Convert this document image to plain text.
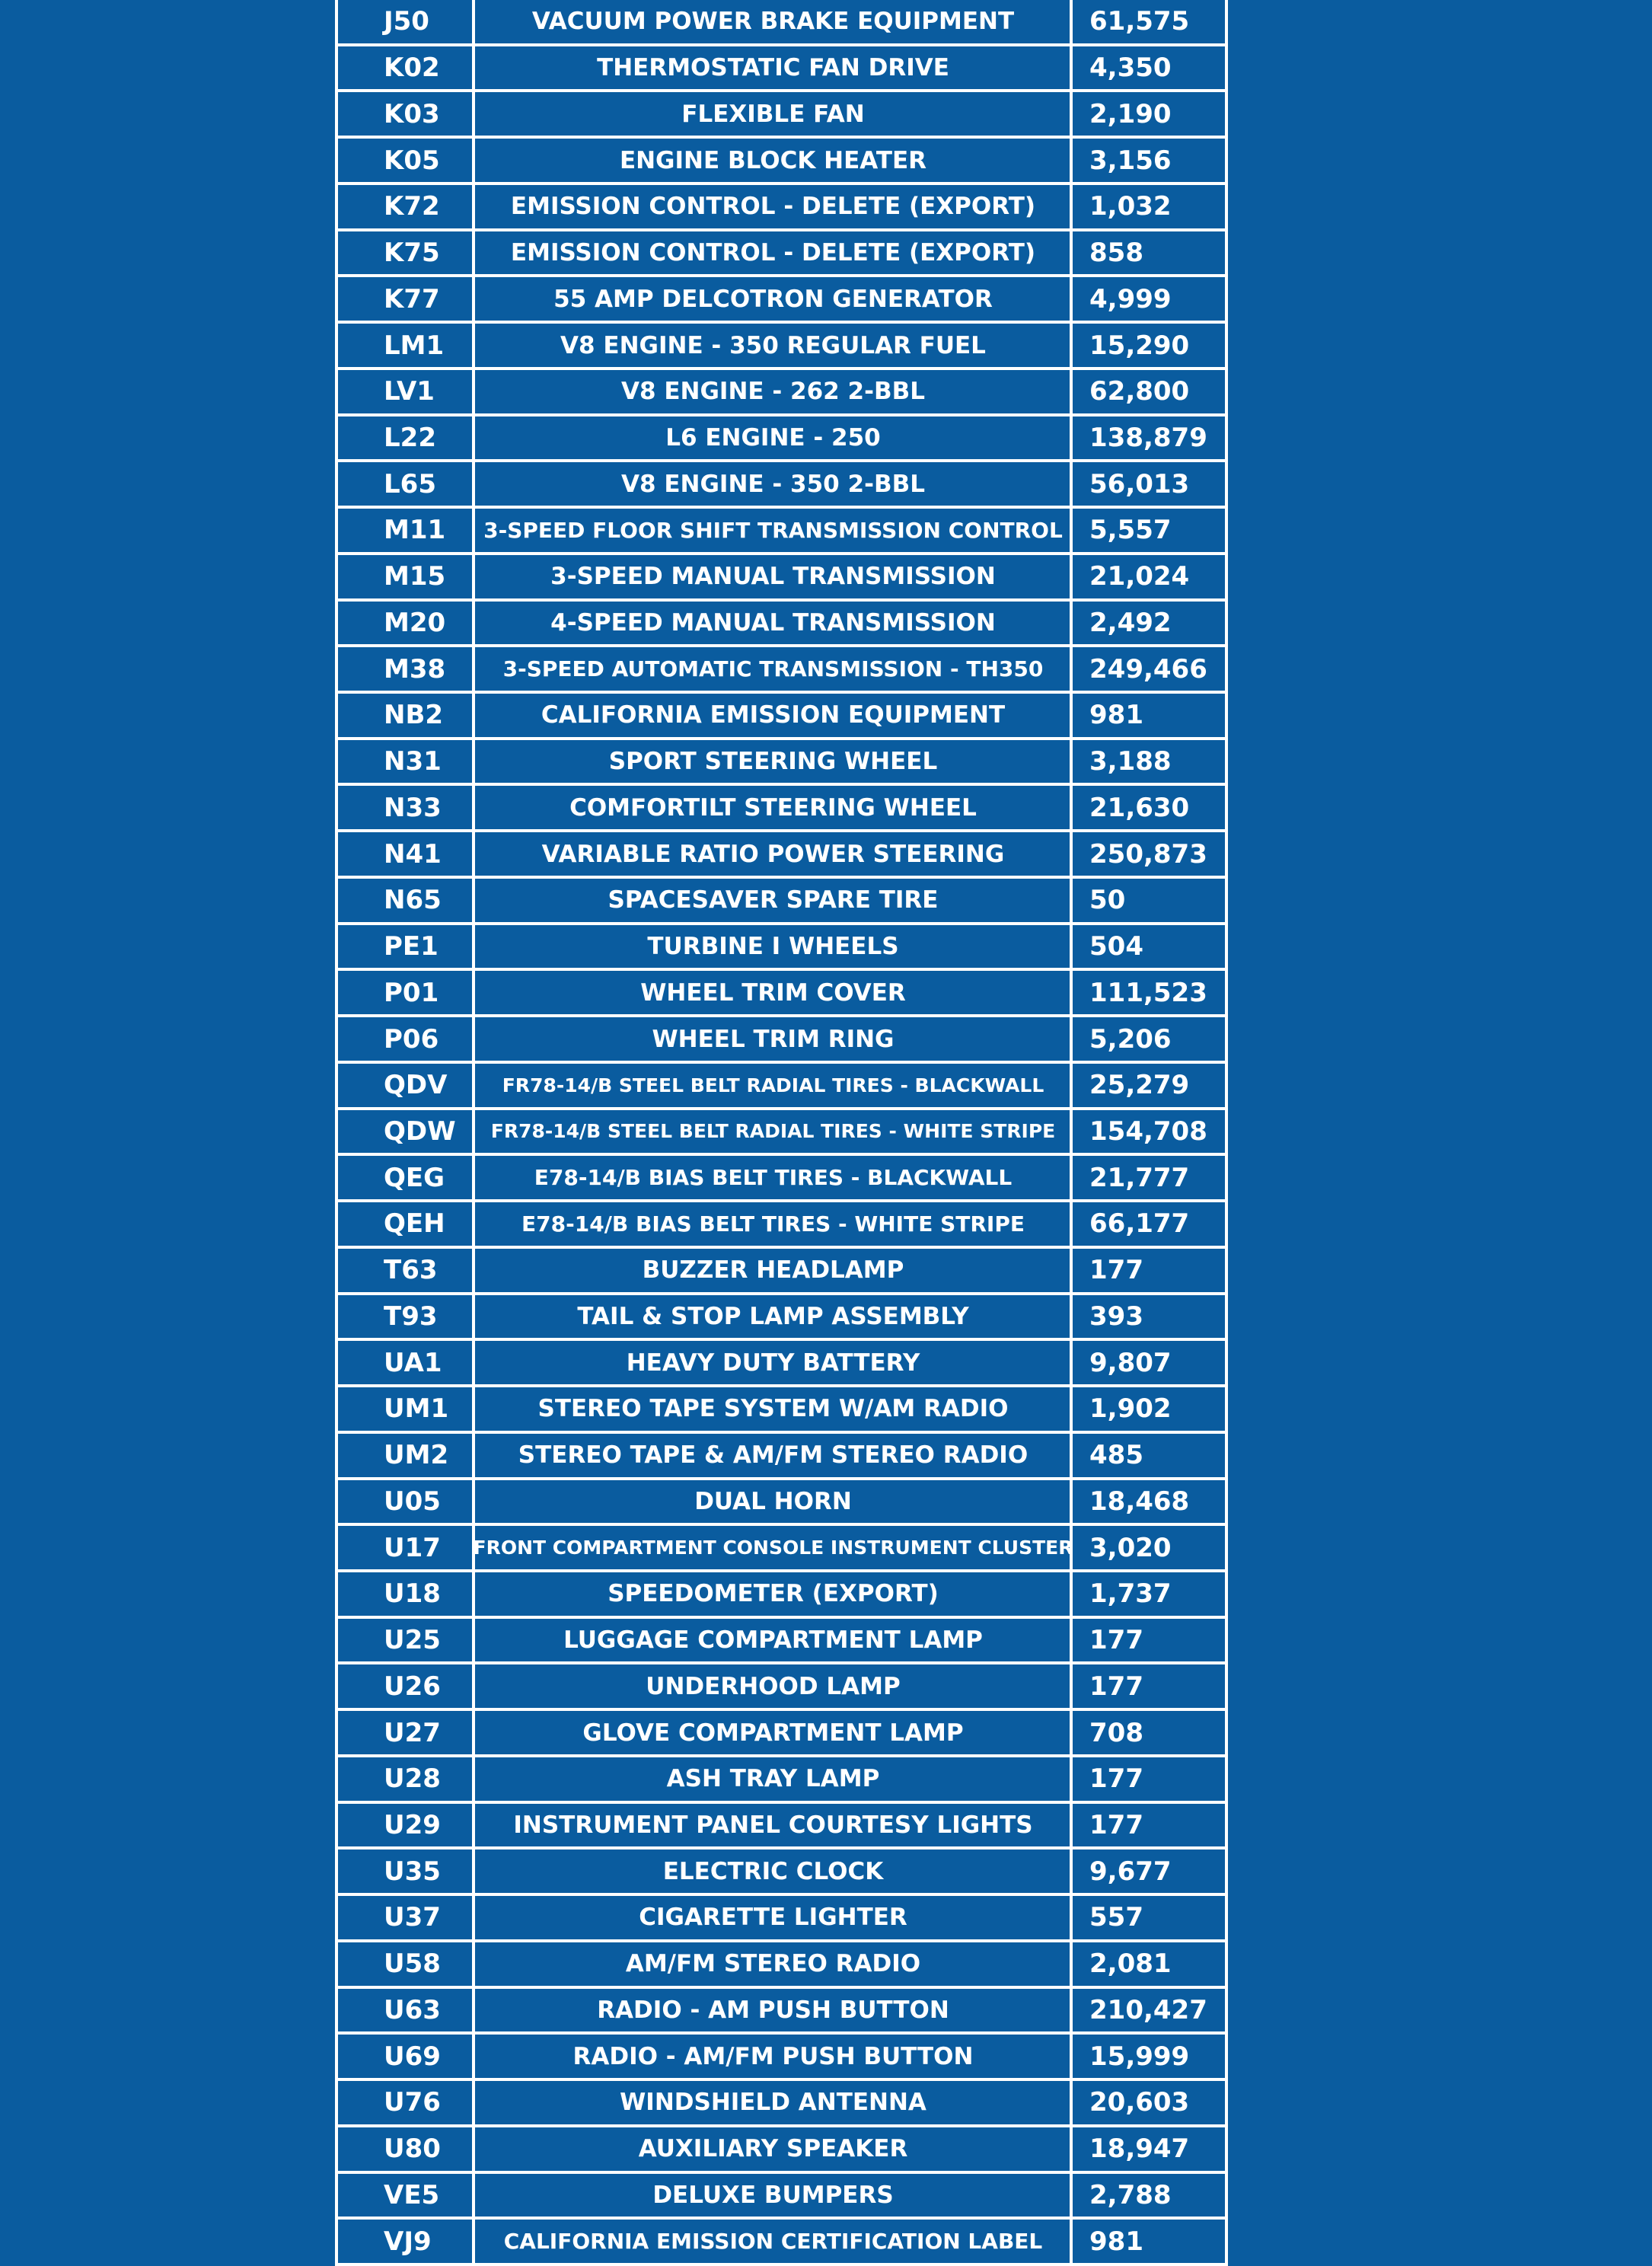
J50	VACUUM POWER BRAKE EQUIPMENT	61,575
K02	THERMOSTATIC FAN DRIVE	4,350
K03	FLEXIBLE FAN	2,190
K05	ENGINE BLOCK HEATER	3,156
K72	EMISSION CONTROL - DELETE (EXPORT)	1,032
K75	EMISSION CONTROL - DELETE (EXPORT)	858
K77	55 AMP DELCOTRON GENERATOR	4,999
LM1	V8 ENGINE - 350 REGULAR FUEL	15,290
LV1	V8 ENGINE - 262 2-BBL	62,800
L22	L6 ENGINE - 250	138,879
L65	V8 ENGINE - 350 2-BBL	56,013
M11	3-SPEED FLOOR SHIFT TRANSMISSION CONTROL	5,557
M15	3-SPEED MANUAL TRANSMISSION	21,024
M20	4-SPEED MANUAL TRANSMISSION	2,492
M38	3-SPEED AUTOMATIC TRANSMISSION - TH350	249,466
NB2	CALIFORNIA EMISSION EQUIPMENT	981
N31	SPORT STEERING WHEEL	3,188
N33	COMFORTILT STEERING WHEEL	21,630
N41	VARIABLE RATIO POWER STEERING	250,873
N65	SPACESAVER SPARE TIRE	50
PE1	TURBINE I WHEELS	504
P01	WHEEL TRIM COVER	111,523
P06	WHEEL TRIM RING	5,206
QDV	FR78-14/B STEEL BELT RADIAL TIRES - BLACKWALL	25,279
QDW	FR78-14/B STEEL BELT RADIAL TIRES - WHITE STRIPE	154,708
QEG	E78-14/B BIAS BELT TIRES - BLACKWALL	21,777
QEH	E78-14/B BIAS BELT TIRES - WHITE STRIPE	66,177
T63	BUZZER HEADLAMP	177
T93	TAIL & STOP LAMP ASSEMBLY	393
UA1	HEAVY DUTY BATTERY	9,807
UM1	STEREO TAPE SYSTEM W/AM RADIO	1,902
UM2	STEREO TAPE & AM/FM STEREO RADIO	485
U05	DUAL HORN	18,468
U17	FRONT COMPARTMENT CONSOLE INSTRUMENT CLUSTER 3,020
U18	SPEEDOMETER (EXPORT)	1,737
U25	LUGGAGE COMPARTMENT LAMP	177
U26	UNDERHOOD LAMP	177
U27	GLOVE COMPARTMENT LAMP	708
U28	ASH TRAY LAMP	177
U29	INSTRUMENT PANEL COURTESY LIGHTS	177
U35	ELECTRIC CLOCK	9,677
U37	CIGARETTE LIGHTER	557
U58	AM/FM STEREO RADIO	2,081
U63	RADIO - AM PUSH BUTTON	210,427
U69	RADIO - AM/FM PUSH BUTTON	15,999
U76	WINDSHIELD ANTENNA	20,603
U80	AUXILIARY SPEAKER	18,947
VE5	DELUXE BUMPERS	2,788
VJ9	CALIFORNIA EMISSION CERTIFICATION LABEL	981
